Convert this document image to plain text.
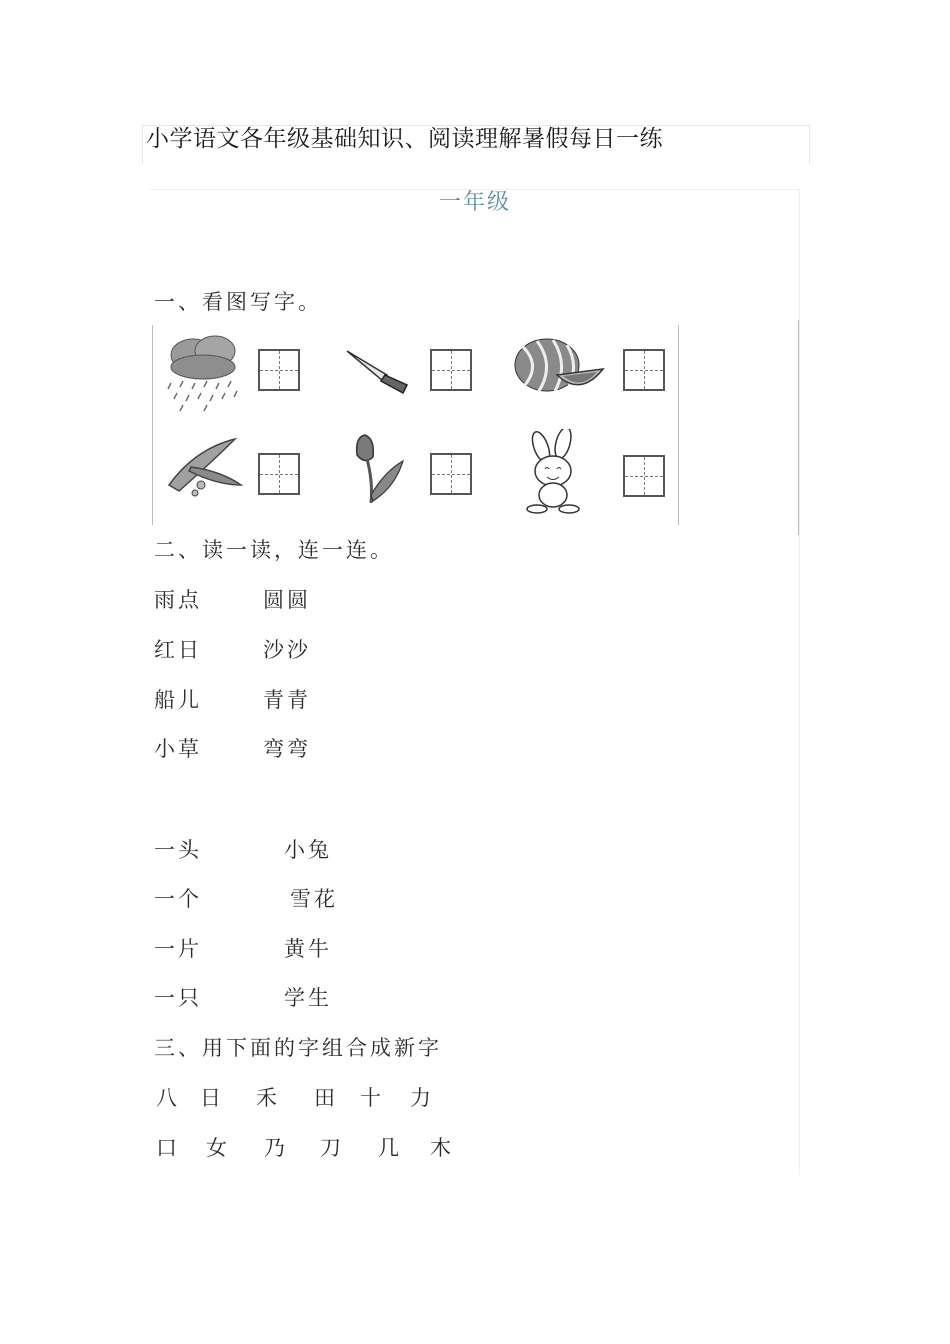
小学语文各年级基础知识、阅读理解暑假每日一练
一年级
一、看图写字。
二、读一读，连一连。
雨点	圆圆
红日	沙沙
船儿	青青
小草	弯弯
一头	小兔
一个	雪花
一片	黄牛
一只	学生
三、用下面的字组合成新字
八 日 禾 田 十 力
口 女 乃 刀 几 木
